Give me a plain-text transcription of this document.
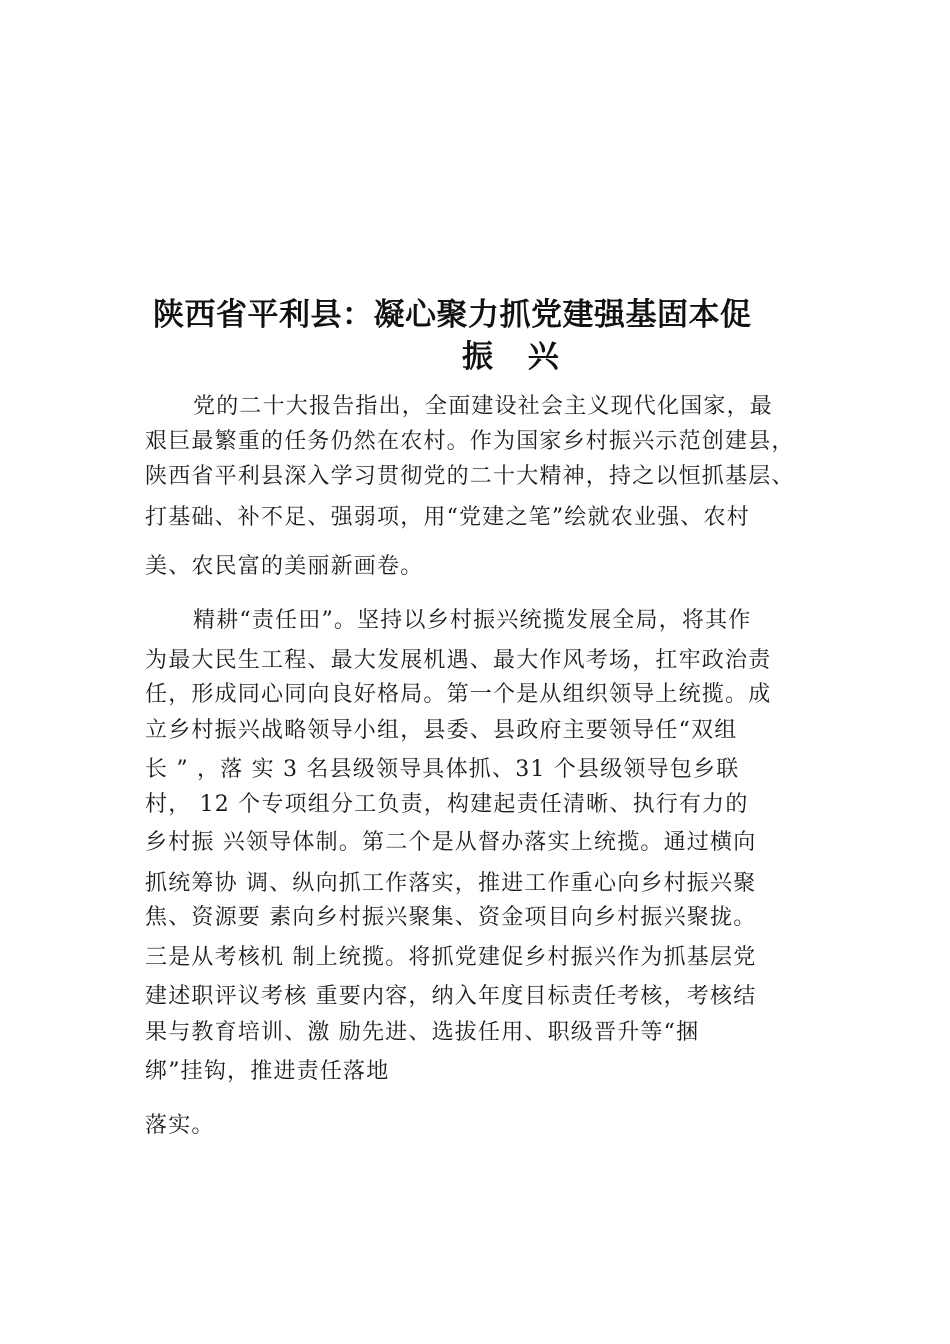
陕西省平利县：凝心聚力抓党建强基固本促
振 兴
党的二十大报告指出，全面建设社会主义现代化国家，最
艰巨最繁重的任务仍然在农村。作为国家乡村振兴示范创建县，
陕西省平利县深入学习贯彻党的二十大精神，持之以恒抓基层、
打基础、补不足、强弱项，用“党建之笔”绘就农业强、农村
美、农民富的美丽新画卷。
精耕“责任田”。坚持以乡村振兴统揽发展全局，将其作
为最大民生工程、最大发展机遇、最大作风考场，扛牢政治责
任，形成同心同向良好格局。第一个是从组织领导上统揽。成
立乡村振兴战略领导小组，县委、县政府主要领导任“双组
长 ” ，落 实 3 名县级领导具体抓、31 个县级领导包乡联
村， 12 个专项组分工负责，构建起责任清晰、执行有力的
乡村振 兴领导体制。第二个是从督办落实上统揽。通过横向
抓统筹协 调、纵向抓工作落实，推进工作重心向乡村振兴聚
焦、资源要 素向乡村振兴聚集、资金项目向乡村振兴聚拢。
三是从考核机 制上统揽。将抓党建促乡村振兴作为抓基层党
建述职评议考核 重要内容，纳入年度目标责任考核，考核结
果与教育培训、激 励先进、选拔任用、职级晋升等“捆
绑”挂钩，推进责任落地
落实。
